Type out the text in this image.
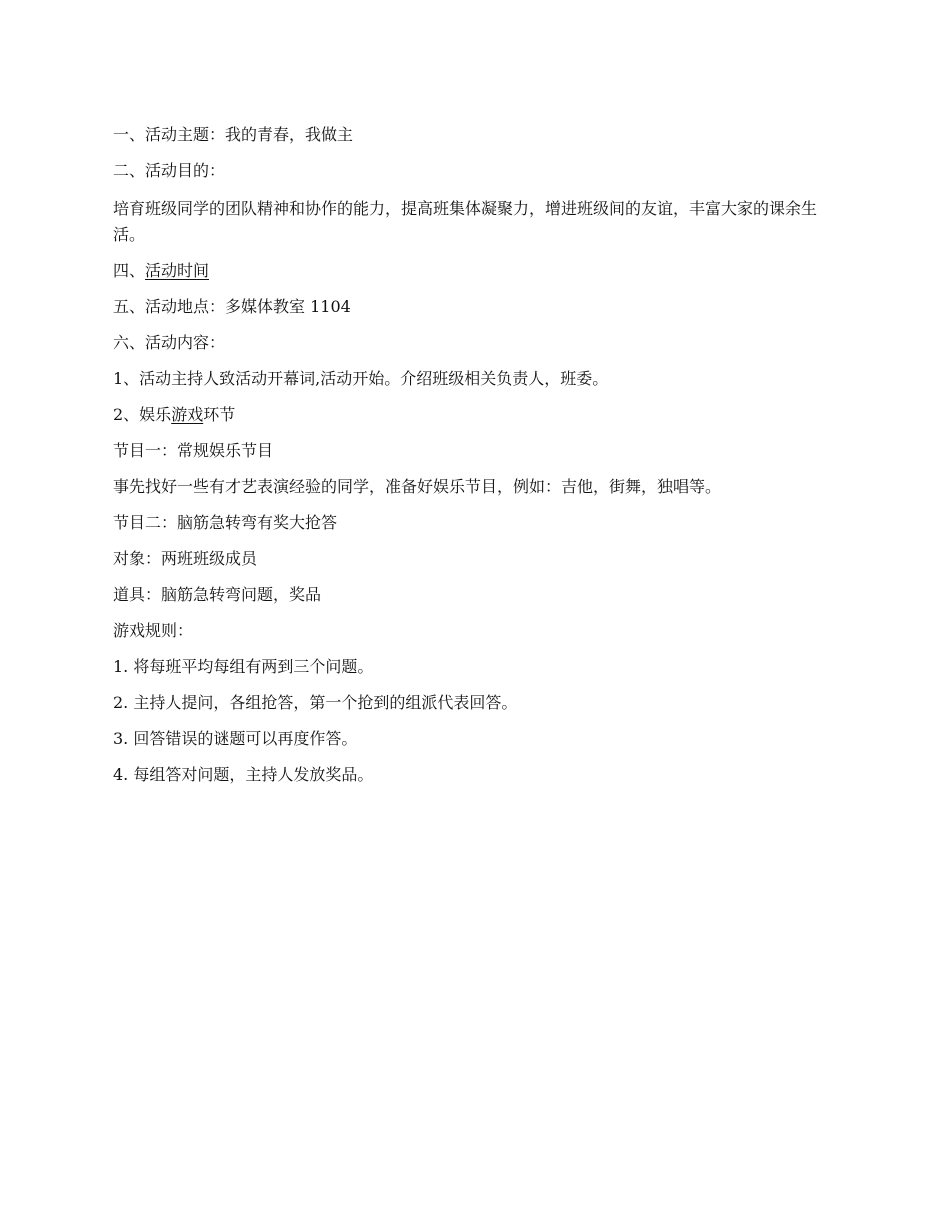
一、活动主题：我的青春，我做主

二、活动目的：

培育班级同学的团队精神和协作的能力，提高班集体凝聚力，增进班级间的友谊，丰富大家的课余生活。

四、活动时间

五、活动地点：多媒体教室 1104

六、活动内容：

1、活动主持人致活动开幕词,活动开始。介绍班级相关负责人，班委。

2、娱乐游戏环节

节目一：常规娱乐节目

事先找好一些有才艺表演经验的同学，准备好娱乐节目，例如：吉他，街舞，独唱等。

节目二：脑筋急转弯有奖大抢答

对象：两班班级成员

道具：脑筋急转弯问题，奖品

游戏规则：

1. 将每班平均每组有两到三个问题。

2. 主持人提问，各组抢答，第一个抢到的组派代表回答。

3. 回答错误的谜题可以再度作答。

4. 每组答对问题，主持人发放奖品。
